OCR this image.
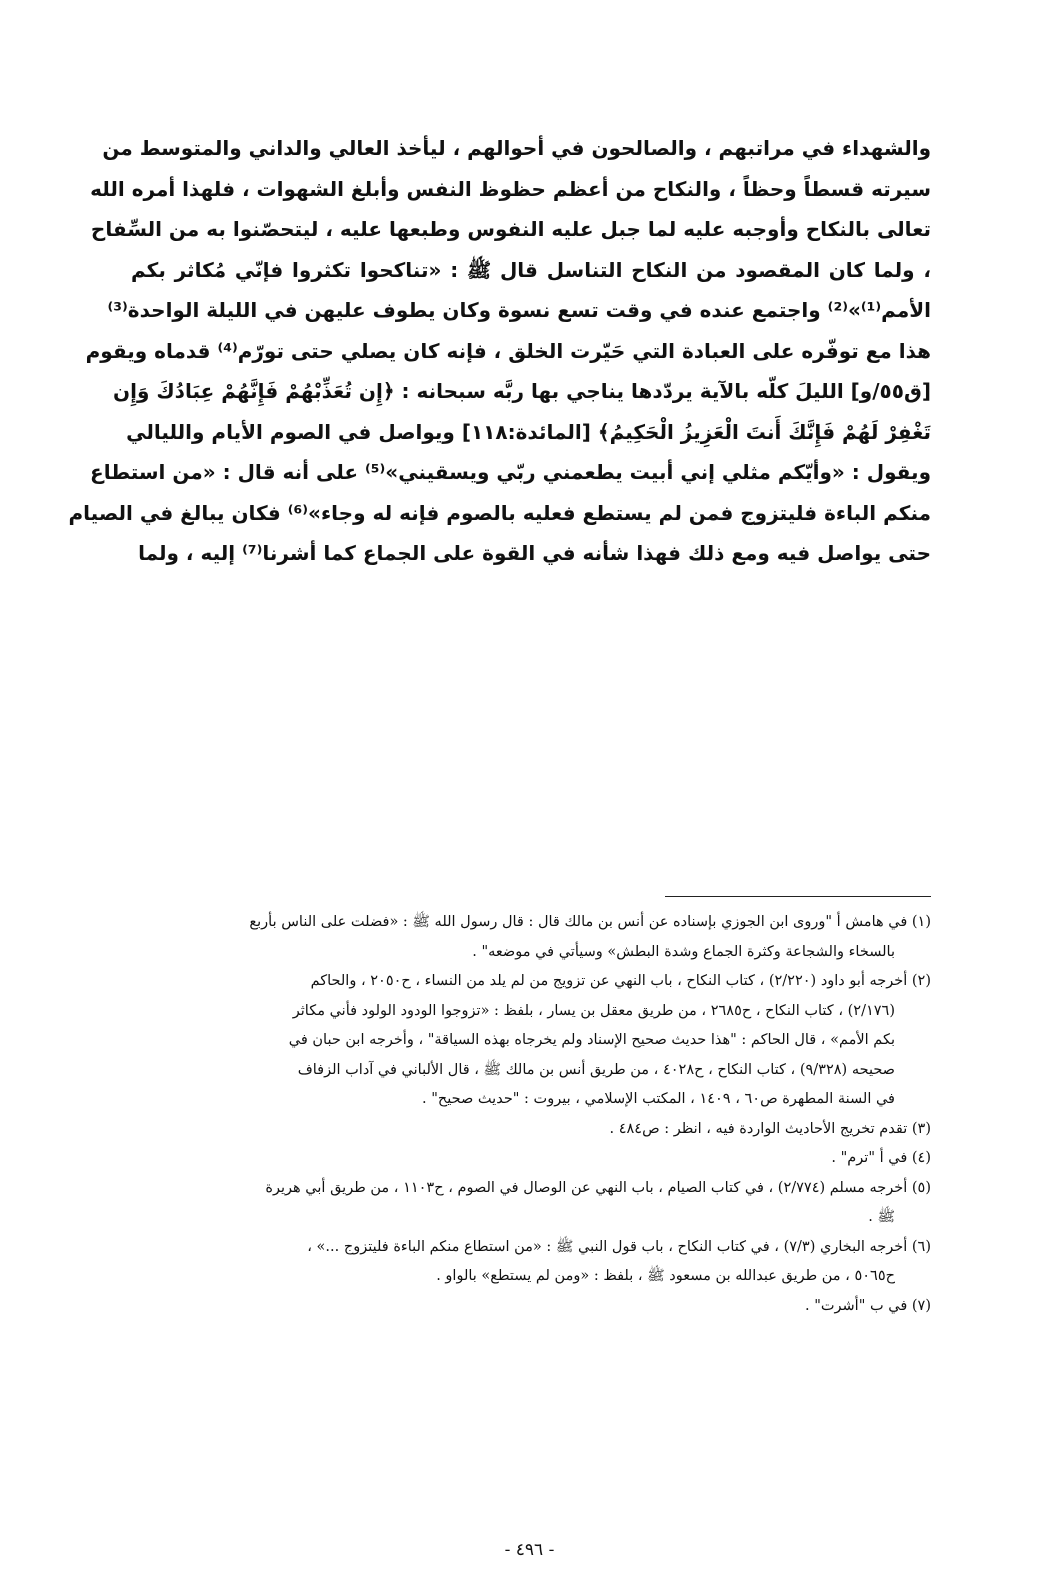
والشهداء في مراتبهم ، والصالحون في أحوالهم ، ليأخذ العالي والداني والمتوسط من
سيرته قسطاً وحظاً ، والنكاح من أعظم حظوظ النفس وأبلغ الشهوات ، فلهذا أمره الله
تعالى بالنكاح وأوجبه عليه لما جبل عليه النفوس وطبعها عليه ، ليتحصّنوا به من السِّفاح
، ولما كان المقصود من النكاح التناسل قال ﷺ : «تناكحوا تكثروا فإنّي مُكاثر بكم
الأمم⁽¹⁾»⁽²⁾ واجتمع عنده في وقت تسع نسوة وكان يطوف عليهن في الليلة الواحدة⁽³⁾
هذا مع توفّره على العبادة التي حَيّرت الخلق ، فإنه كان يصلي حتى تورّم⁽⁴⁾ قدماه ويقوم
[ق٥٥/و] الليلَ كلّه بالآية يردّدها يناجي بها ربَّه سبحانه : ﴿إِن تُعَذِّبْهُمْ فَإِنَّهُمْ عِبَادُكَ وَإِن
تَغْفِرْ لَهُمْ فَإِنَّكَ أَنتَ الْعَزِيزُ الْحَكِيمُ﴾ [المائدة:١١٨] ويواصل في الصوم الأيام والليالي
ويقول : «وأيّكم مثلي إني أبيت يطعمني ربّي ويسقيني»⁽⁵⁾ على أنه قال : «من استطاع
منكم الباءة فليتزوج فمن لم يستطع فعليه بالصوم فإنه له وجاء»⁽⁶⁾ فكان يبالغ في الصيام
حتى يواصل فيه ومع ذلك فهذا شأنه في القوة على الجماع كما أشرنا⁽⁷⁾ إليه ، ولما
(١) في هامش أ "وروى ابن الجوزي بإسناده عن أنس بن مالك قال : قال رسول الله ﷺ : «فضلت على الناس بأربع
بالسخاء والشجاعة وكثرة الجماع وشدة البطش» وسيأتي في موضعه" .
(٢) أخرجه أبو داود (٢/٢٢٠) ، كتاب النكاح ، باب النهي عن تزويج من لم يلد من النساء ، ح٢٠٥٠ ، والحاكم
(٢/١٧٦) ، كتاب النكاح ، ح٢٦٨٥ ، من طريق معقل بن يسار ، بلفظ : «تزوجوا الودود الولود فأني مكاثر
بكم الأمم» ، قال الحاكم : "هذا حديث صحيح الإسناد ولم يخرجاه بهذه السياقة" ، وأخرجه ابن حبان في
صحيحه (٩/٣٢٨) ، كتاب النكاح ، ح٤٠٢٨ ، من طريق أنس بن مالك ﷺ ، قال الألباني في آداب الزفاف
في السنة المطهرة ص٦٠ ، ١٤٠٩ ، المكتب الإسلامي ، بيروت : "حديث صحيح" .
(٣) تقدم تخريج الأحاديث الواردة فيه ، انظر : ص٤٨٤ .
(٤) في أ "ترم" .
(٥) أخرجه مسلم (٢/٧٧٤) ، في كتاب الصيام ، باب النهي عن الوصال في الصوم ، ح١١٠٣ ، من طريق أبي هريرة
ﷺ .
(٦) أخرجه البخاري (٧/٣) ، في كتاب النكاح ، باب قول النبي ﷺ : «من استطاع منكم الباءة فليتزوج ...» ،
ح٥٠٦٥ ، من طريق عبدالله بن مسعود ﷺ ، بلفظ : «ومن لم يستطع» بالواو .
(٧) في ب "أشرت" .
- ٤٩٦ -
